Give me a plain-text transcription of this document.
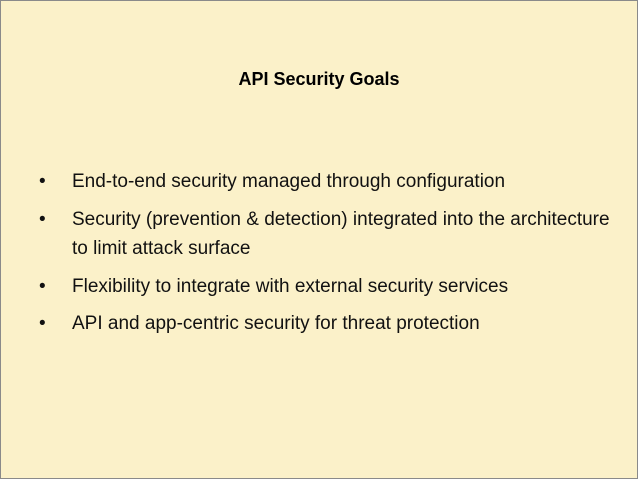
API Security Goals
• End-to-end security managed through configuration
• Security (prevention & detection) integrated into the architecture to limit attack surface
• Flexibility to integrate with external security services
• API and app-centric security for threat protection
